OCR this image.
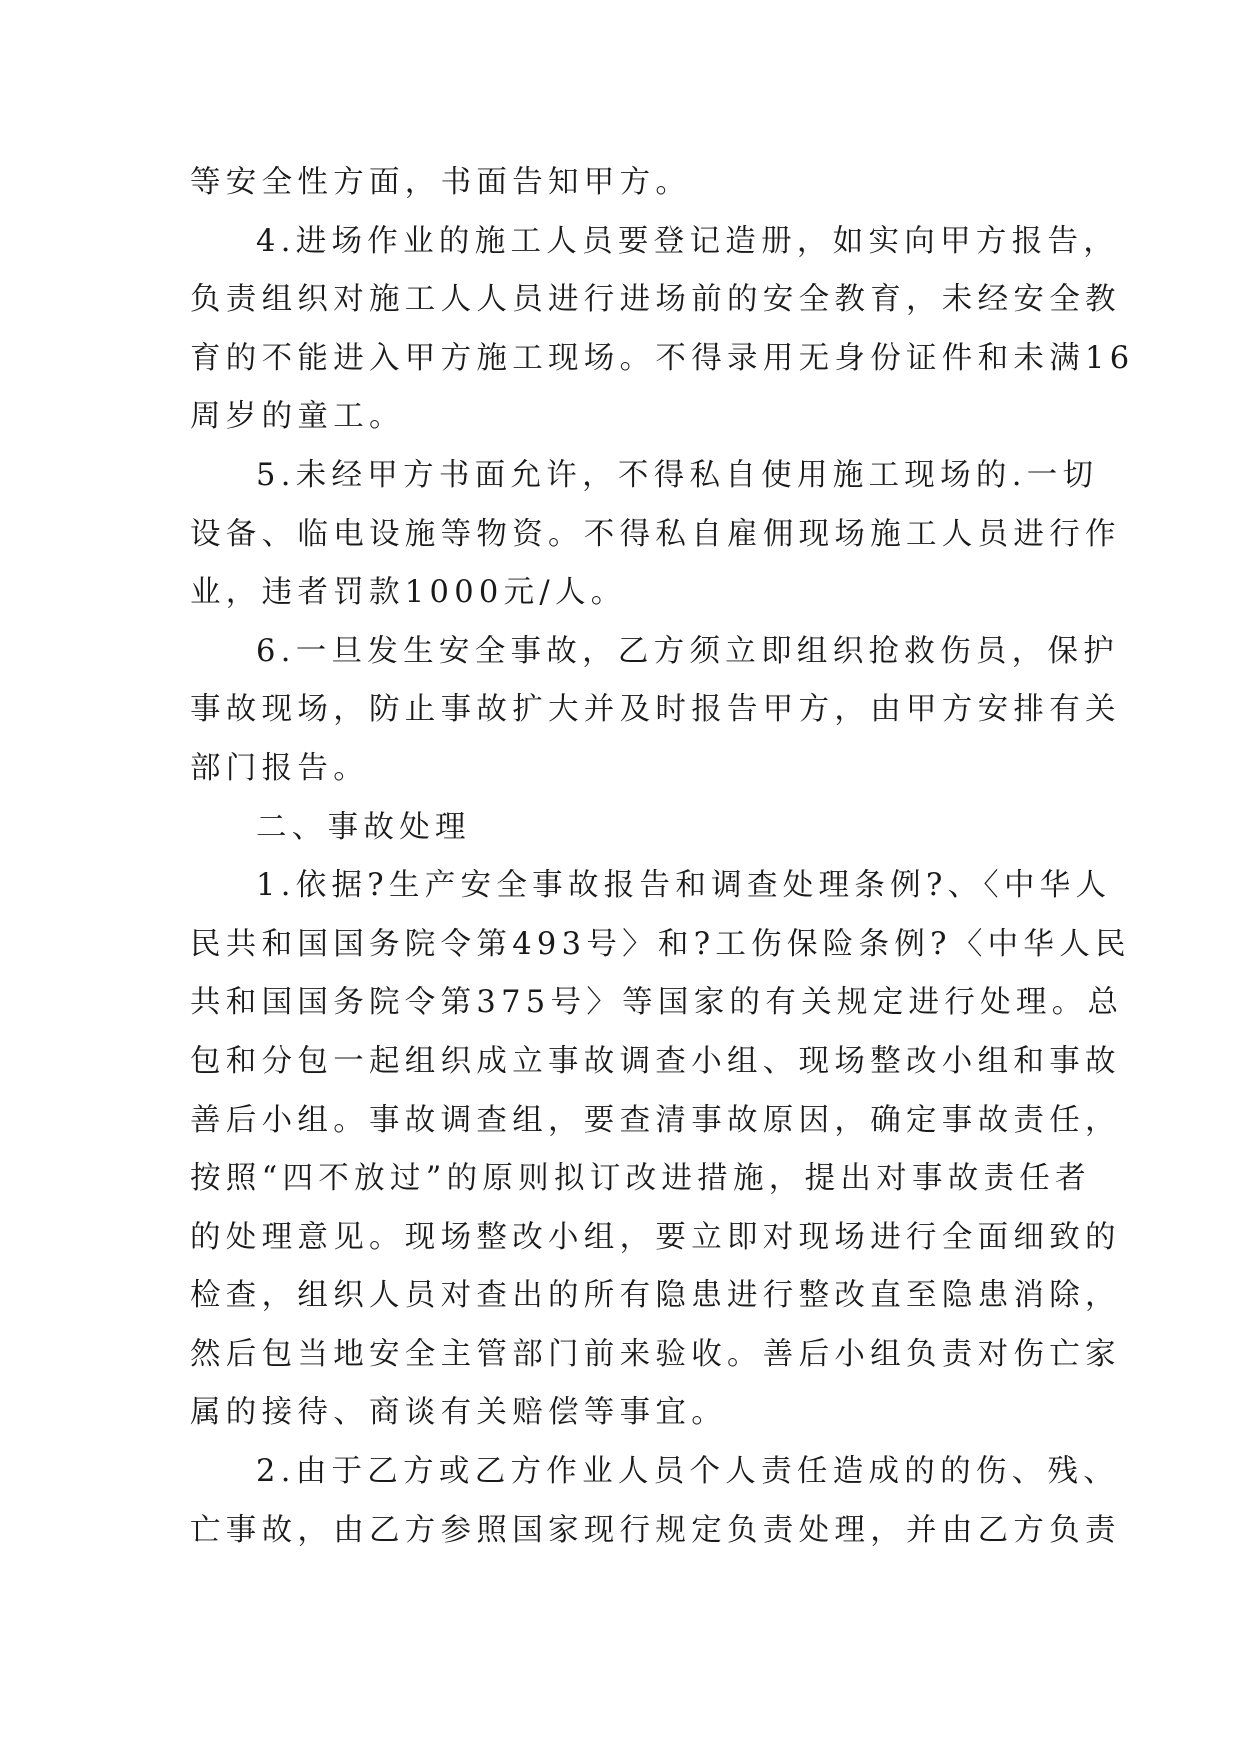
等安全性方面，书面告知甲方。
4.进场作业的施工人员要登记造册，如实向甲方报告，
负责组织对施工人人员进行进场前的安全教育，未经安全教
育的不能进入甲方施工现场。不得录用无身份证件和未满16
周岁的童工。
5.未经甲方书面允许，不得私自使用施工现场的.一切
设备、临电设施等物资。不得私自雇佣现场施工人员进行作
业，违者罚款1000元/人。
6.一旦发生安全事故，乙方须立即组织抢救伤员，保护
事故现场，防止事故扩大并及时报告甲方，由甲方安排有关
部门报告。
二、事故处理
1.依据?生产安全事故报告和调查处理条例?、〈中华人
民共和国国务院令第493号〉和?工伤保险条例?〈中华人民
共和国国务院令第375号〉等国家的有关规定进行处理。总
包和分包一起组织成立事故调查小组、现场整改小组和事故
善后小组。事故调查组，要查清事故原因，确定事故责任，
按照“四不放过”的原则拟订改进措施，提出对事故责任者
的处理意见。现场整改小组，要立即对现场进行全面细致的
检查，组织人员对查出的所有隐患进行整改直至隐患消除，
然后包当地安全主管部门前来验收。善后小组负责对伤亡家
属的接待、商谈有关赔偿等事宜。
2.由于乙方或乙方作业人员个人责任造成的的伤、残、
亡事故，由乙方参照国家现行规定负责处理，并由乙方负责
